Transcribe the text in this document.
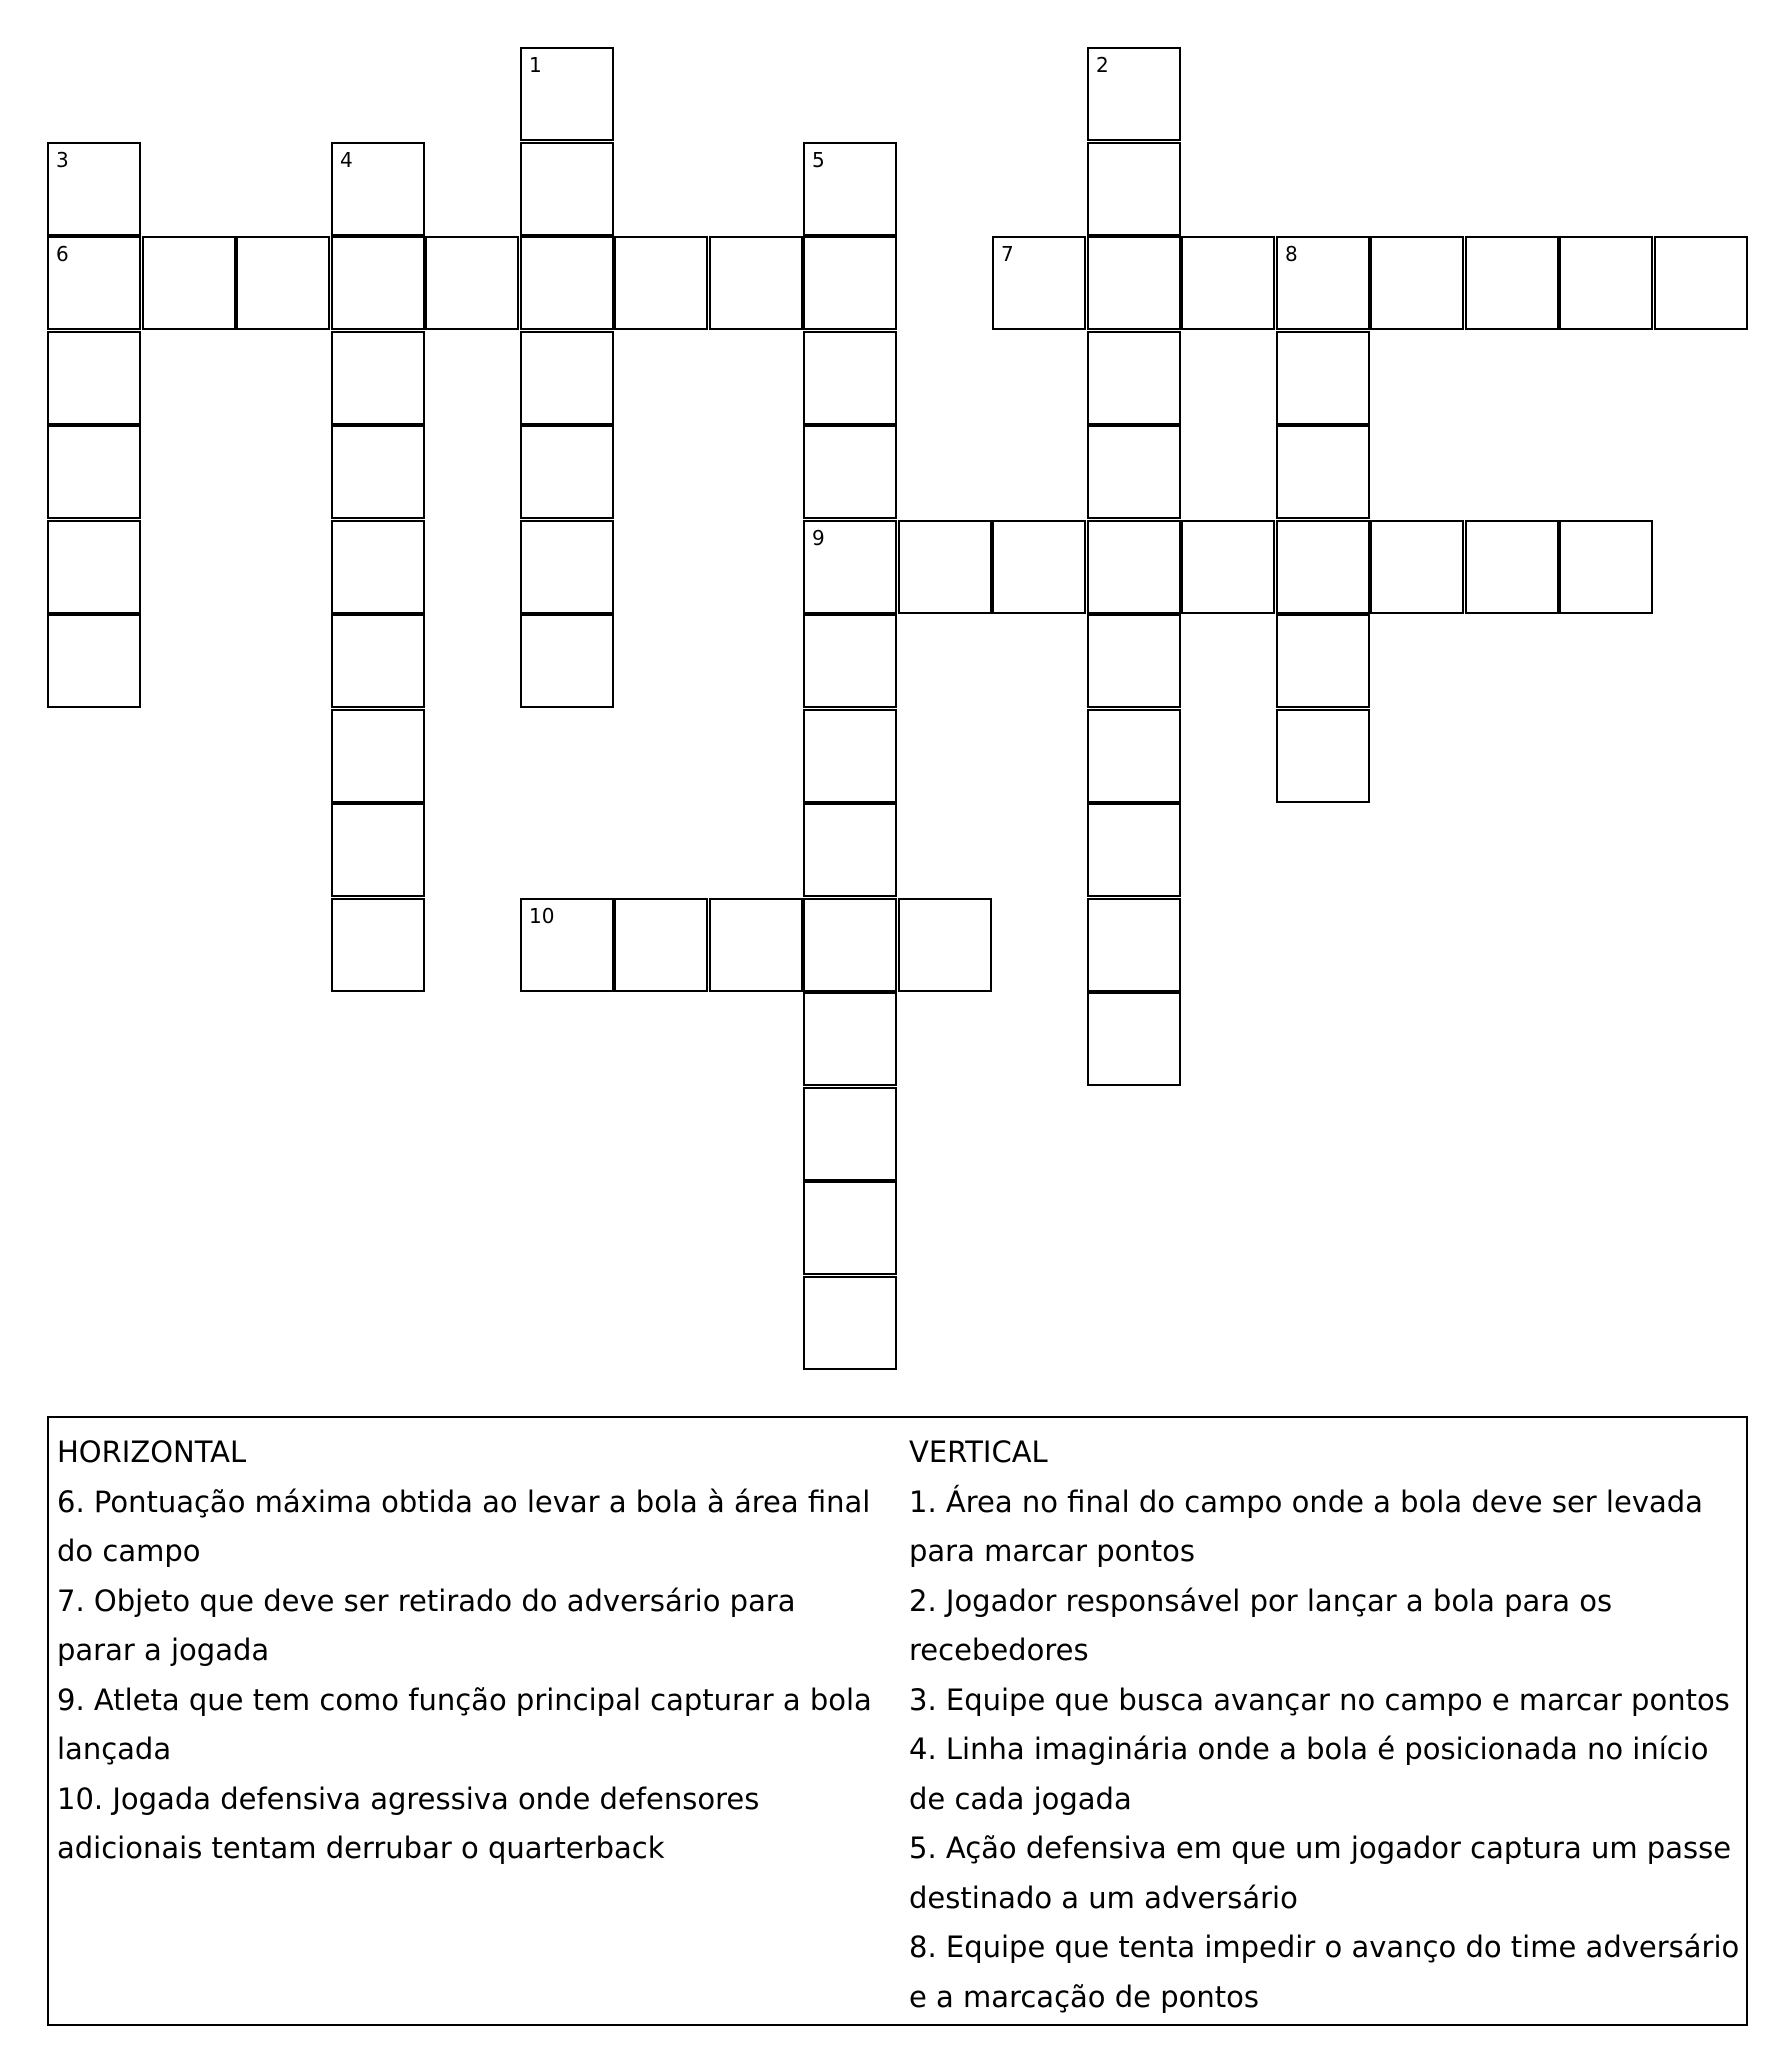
1	2
3
6
4	5
9
7	8
10
HORIZONTAL
6. Pontuação máxima obtida ao levar a bola à área final do campo
7. Objeto que deve ser retirado do adversário para parar a jogada
9. Atleta que tem como função principal capturar a bola lançada
10. Jogada defensiva agressiva onde defensores adicionais tentam derrubar o quarterback
VERTICAL
1. Área no final do campo onde a bola deve ser levada para marcar pontos
2. Jogador responsável por lançar a bola para os recebedores
3. Equipe que busca avançar no campo e marcar pontos
4. Linha imaginária onde a bola é posicionada no início de cada jogada
5. Ação defensiva em que um jogador captura um passe destinado a um adversário
8. Equipe que tenta impedir o avanço do time adversário e a marcação de pontos
